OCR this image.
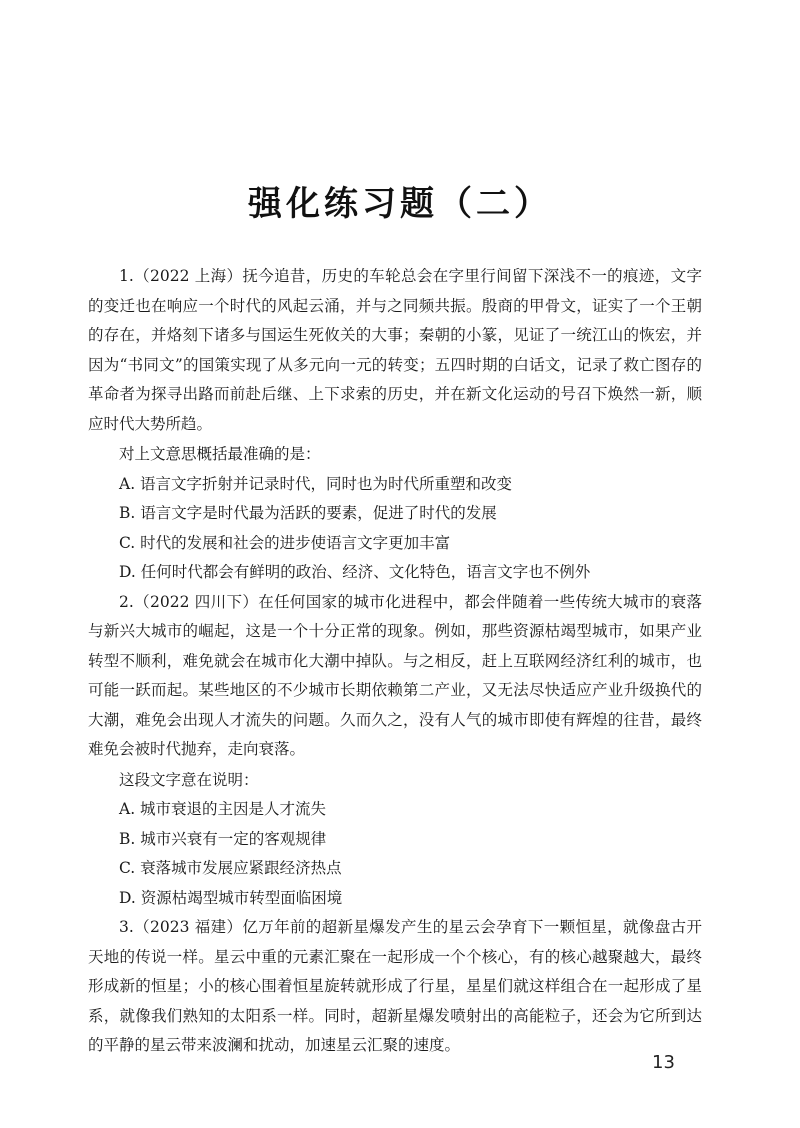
强化练习题（二）

1.（2022 上海）抚今追昔，历史的车轮总会在字里行间留下深浅不一的痕迹，文字的变迁也在响应一个时代的风起云涌，并与之同频共振。殷商的甲骨文，证实了一个王朝的存在，并烙刻下诸多与国运生死攸关的大事；秦朝的小篆，见证了一统江山的恢宏，并因为“书同文”的国策实现了从多元向一元的转变；五四时期的白话文，记录了救亡图存的革命者为探寻出路而前赴后继、上下求索的历史，并在新文化运动的号召下焕然一新，顺应时代大势所趋。

对上文意思概括最准确的是：

A. 语言文字折射并记录时代，同时也为时代所重塑和改变

B. 语言文字是时代最为活跃的要素，促进了时代的发展

C. 时代的发展和社会的进步使语言文字更加丰富

D. 任何时代都会有鲜明的政治、经济、文化特色，语言文字也不例外

2.（2022 四川下）在任何国家的城市化进程中，都会伴随着一些传统大城市的衰落与新兴大城市的崛起，这是一个十分正常的现象。例如，那些资源枯竭型城市，如果产业转型不顺利，难免就会在城市化大潮中掉队。与之相反，赶上互联网经济红利的城市，也可能一跃而起。某些地区的不少城市长期依赖第二产业，又无法尽快适应产业升级换代的大潮，难免会出现人才流失的问题。久而久之，没有人气的城市即使有辉煌的往昔，最终难免会被时代抛弃，走向衰落。

这段文字意在说明：

A. 城市衰退的主因是人才流失

B. 城市兴衰有一定的客观规律

C. 衰落城市发展应紧跟经济热点

D. 资源枯竭型城市转型面临困境

3.（2023 福建）亿万年前的超新星爆发产生的星云会孕育下一颗恒星，就像盘古开天地的传说一样。星云中重的元素汇聚在一起形成一个个核心，有的核心越聚越大，最终形成新的恒星；小的核心围着恒星旋转就形成了行星，星星们就这样组合在一起形成了星系，就像我们熟知的太阳系一样。同时，超新星爆发喷射出的高能粒子，还会为它所到达的平静的星云带来波澜和扰动，加速星云汇聚的速度。

13
